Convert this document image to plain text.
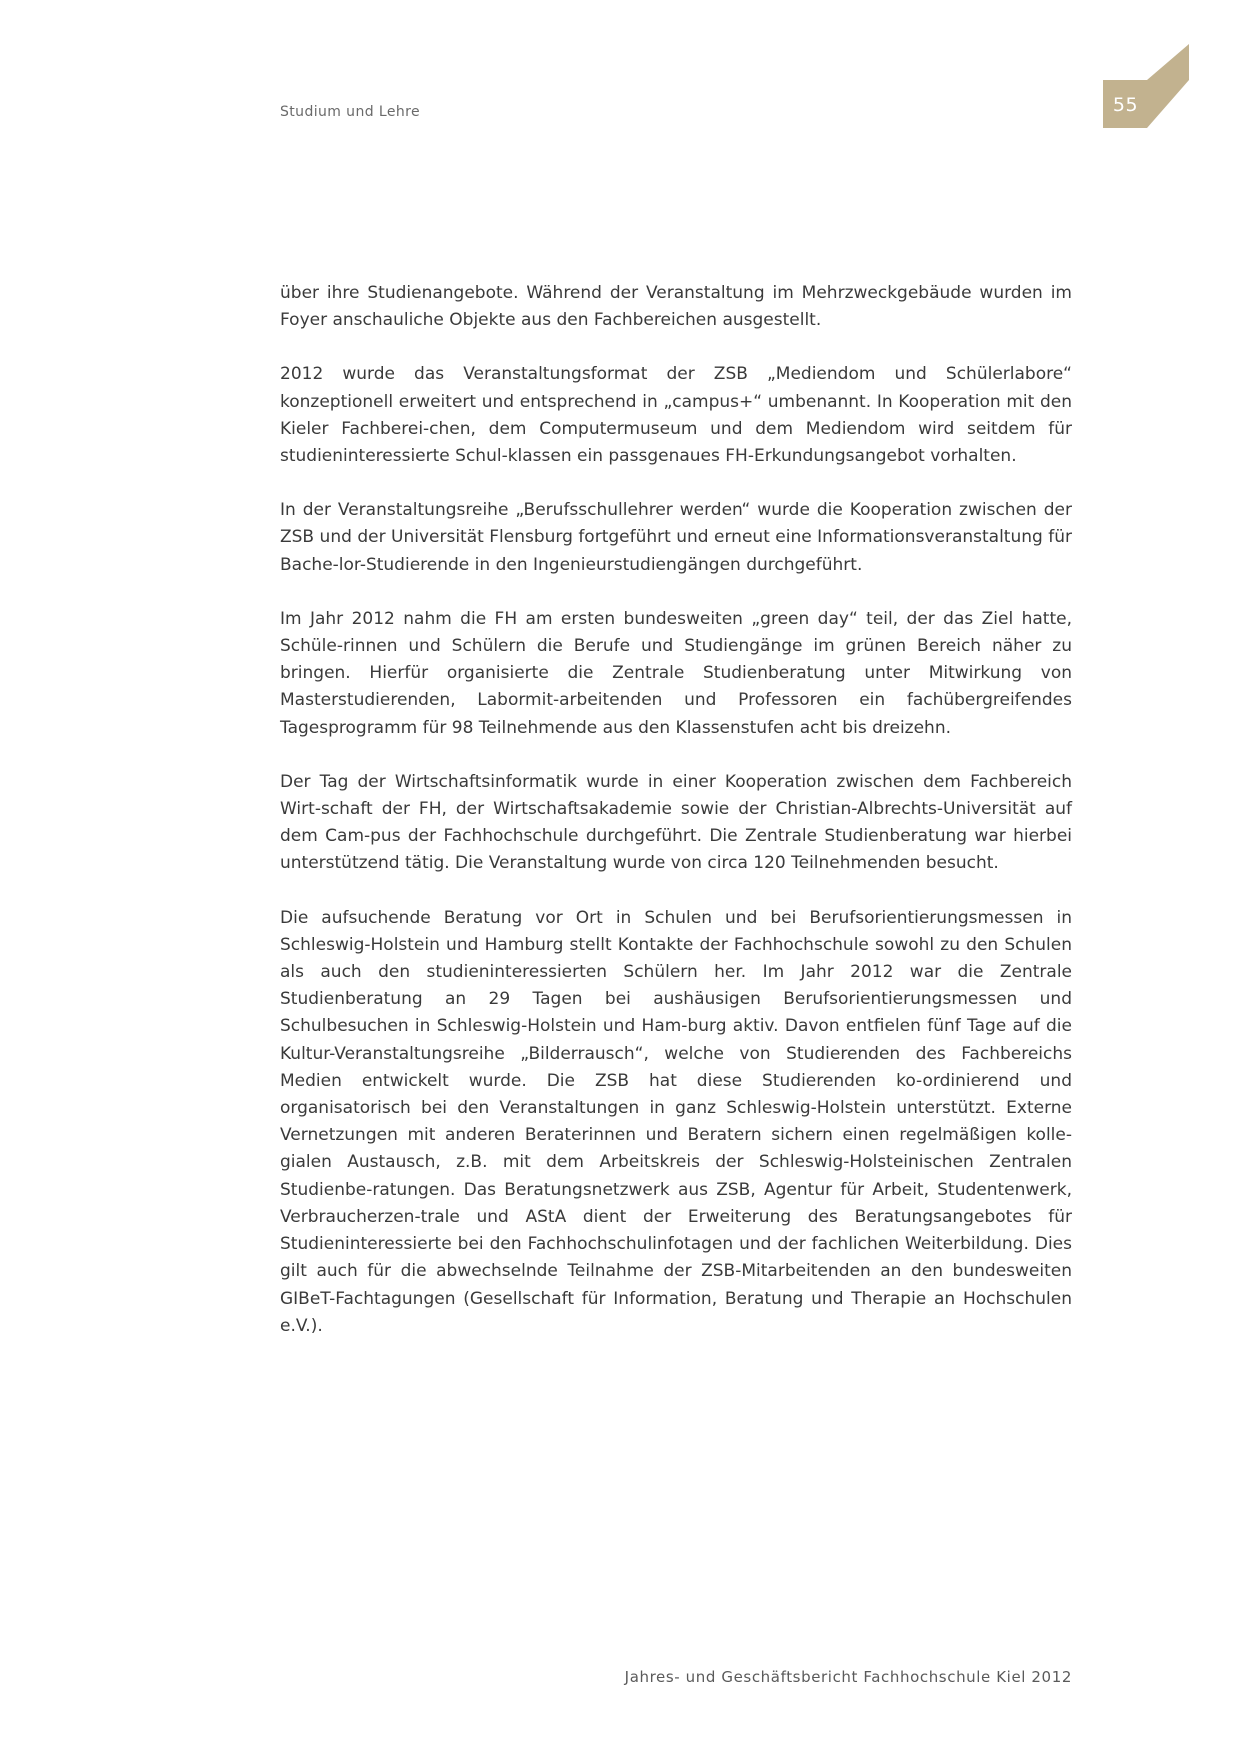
Studium und Lehre	55

über ihre Studienangebote. Während der Veranstaltung im Mehrzweckgebäude wurden im Foyer anschauliche Objekte aus den Fachbereichen ausgestellt.

2012 wurde das Veranstaltungsformat der ZSB „Mediendom und Schülerlabore“ konzeptionell erweitert und entsprechend in „campus+“ umbenannt. In Kooperation mit den Kieler Fachberei-chen, dem Computermuseum und dem Mediendom wird seitdem für studieninteressierte Schul-klassen ein passgenaues FH-Erkundungsangebot vorhalten.

In der Veranstaltungsreihe „Berufsschullehrer werden“ wurde die Kooperation zwischen der ZSB und der Universität Flensburg fortgeführt und erneut eine Informationsveranstaltung für Bache-lor-Studierende in den Ingenieurstudiengängen durchgeführt.

Im Jahr 2012 nahm die FH am ersten bundesweiten „green day“ teil, der das Ziel hatte, Schüle-rinnen und Schülern die Berufe und Studiengänge im grünen Bereich näher zu bringen. Hierfür organisierte die Zentrale Studienberatung unter Mitwirkung von Masterstudierenden, Labormit-arbeitenden und Professoren ein fachübergreifendes Tagesprogramm für 98 Teilnehmende aus den Klassenstufen acht bis dreizehn.

Der Tag der Wirtschaftsinformatik wurde in einer Kooperation zwischen dem Fachbereich Wirt-schaft der FH, der Wirtschaftsakademie sowie der Christian-Albrechts-Universität auf dem Cam-pus der Fachhochschule durchgeführt. Die Zentrale Studienberatung war hierbei unterstützend tätig. Die Veranstaltung wurde von circa 120 Teilnehmenden besucht.

Die aufsuchende Beratung vor Ort in Schulen und bei Berufsorientierungsmessen in Schleswig-Holstein und Hamburg stellt Kontakte der Fachhochschule sowohl zu den Schulen als auch den studieninteressierten Schülern her. Im Jahr 2012 war die Zentrale Studienberatung an 29 Tagen bei aushäusigen Berufsorientierungsmessen und Schulbesuchen in Schleswig-Holstein und Ham-burg aktiv. Davon entfielen fünf Tage auf die Kultur-Veranstaltungsreihe „Bilderrausch“, welche von Studierenden des Fachbereichs Medien entwickelt wurde. Die ZSB hat diese Studierenden ko-ordinierend und organisatorisch bei den Veranstaltungen in ganz Schleswig-Holstein unterstützt. Externe Vernetzungen mit anderen Beraterinnen und Beratern sichern einen regelmäßigen kolle-gialen Austausch, z.B. mit dem Arbeitskreis der Schleswig-Holsteinischen Zentralen Studienbe-ratungen. Das Beratungsnetzwerk aus ZSB, Agentur für Arbeit, Studentenwerk, Verbraucherzen-trale und AStA dient der Erweiterung des Beratungsangebotes für Studieninteressierte bei den Fachhochschulinfotagen und der fachlichen Weiterbildung. Dies gilt auch für die abwechselnde Teilnahme der ZSB-Mitarbeitenden an den bundesweiten GIBeT-Fachtagungen (Gesellschaft für Information, Beratung und Therapie an Hochschulen e.V.).

Jahres- und Geschäftsbericht Fachhochschule Kiel 2012
